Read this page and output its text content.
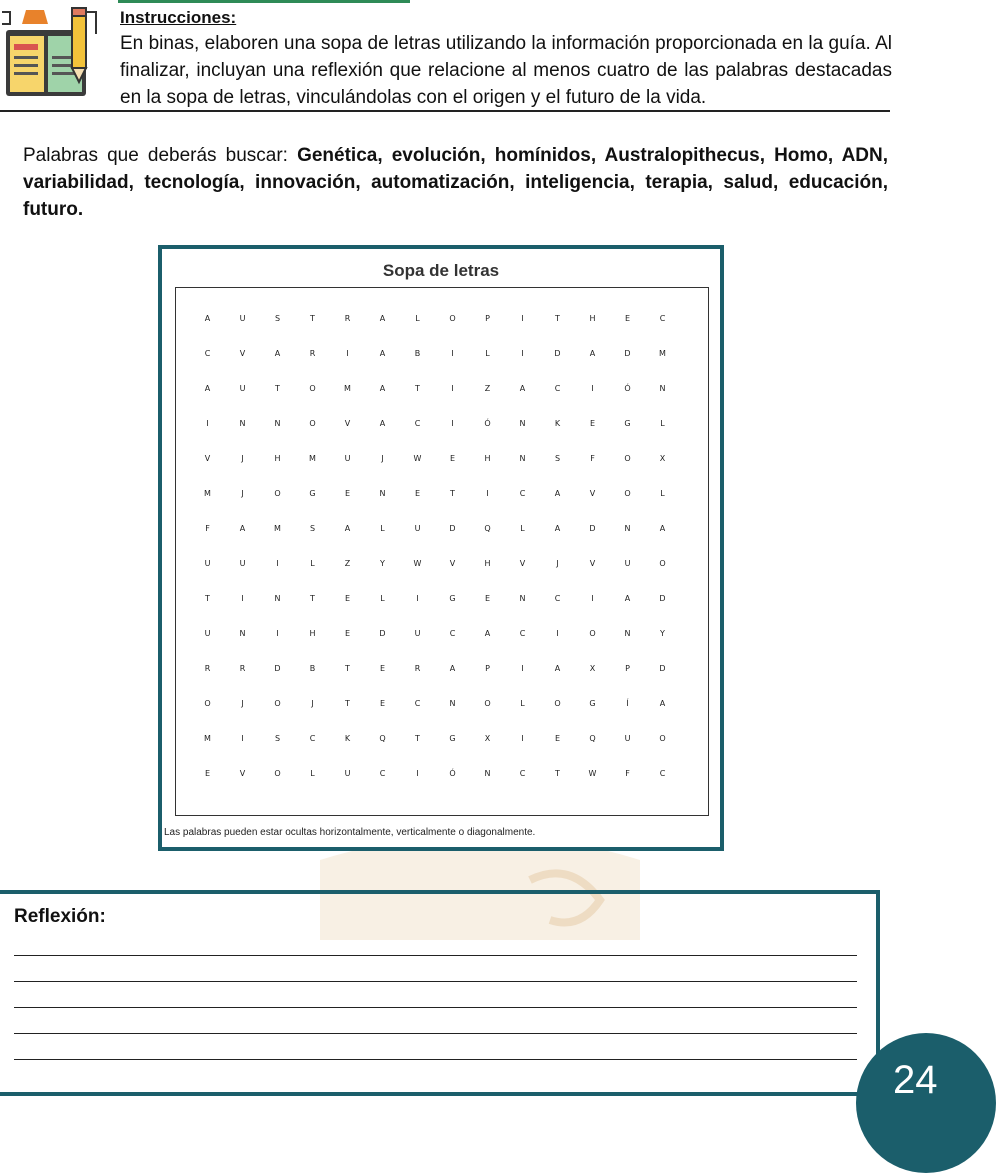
Instrucciones:
En binas, elaboren una sopa de letras utilizando la información proporcionada en la guía. Al finalizar, incluyan una reflexión que relacione al menos cuatro de las palabras destacadas en la sopa de letras, vinculándolas con el origen y el futuro de la vida.
Palabras que deberás buscar: Genética, evolución, homínidos, Australopithecus, Homo, ADN, variabilidad, tecnología, innovación, automatización, inteligencia, terapia, salud, educación, futuro.
Sopa de letras
A	U	S	T	R	A	L	O	P	I	T	H	E	C
C	V	A	R	I	A	B	I	L	I	D	A	D	M
A	U	T	O	M	A	T	I	Z	A	C	I	Ó	N
I	N	N	O	V	A	C	I	Ó	N	K	E	G	L
V	J	H	M	U	J	W	E	H	N	S	F	O	X
M	J	O	G	E	N	E	T	I	C	A	V	O	L
F	A	M	S	A	L	U	D	Q	L	A	D	N	A
U	U	I	L	Z	Y	W	V	H	V	J	V	U	O
T	I	N	T	E	L	I	G	E	N	C	I	A	D
U	N	I	H	E	D	U	C	A	C	I	O	N	Y
R	R	D	B	T	E	R	A	P	I	A	X	P	D
O	J	O	J	T	E	C	N	O	L	O	G	Í	A
M	I	S	C	K	Q	T	G	X	I	E	Q	U	O
E	V	O	L	U	C	I	Ó	N	C	T	W	F	C
Las palabras pueden estar ocultas horizontalmente, verticalmente o diagonalmente.
Reflexión:
24
